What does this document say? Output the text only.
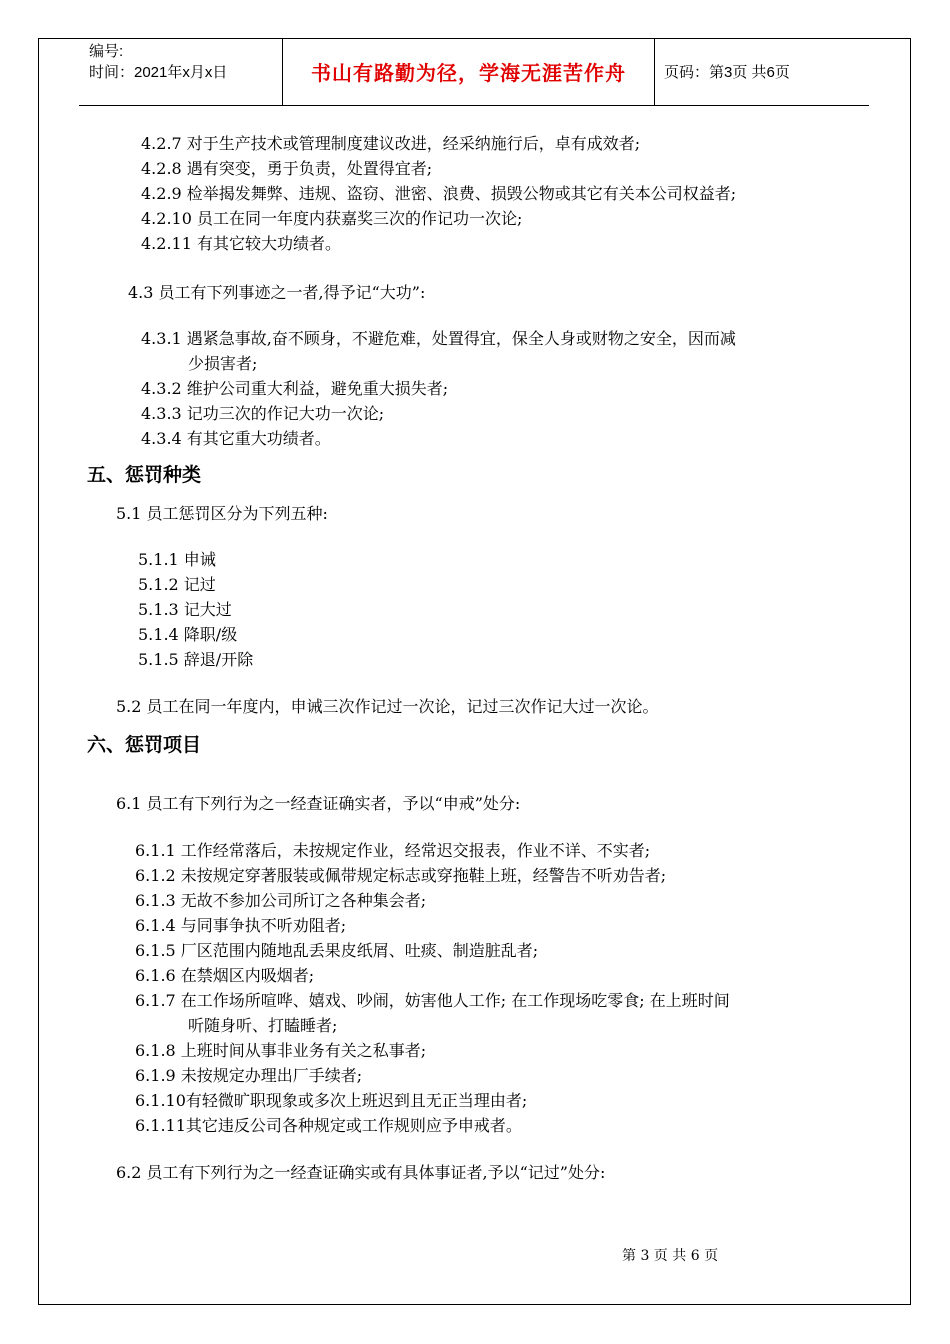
编号:
时间：2021年x月x日	书山有路勤为径，学海无涯苦作舟	页码：第3页 共6页
4.2.7 对于生产技术或管理制度建议改进，经采纳施行后，卓有成效者;
4.2.8 遇有突变，勇于负责，处置得宜者;
4.2.9 检举揭发舞弊、违规、盗窃、泄密、浪费、损毁公物或其它有关本公司权益者;
4.2.10 员工在同一年度内获嘉奖三次的作记功一次论;
4.2.11 有其它较大功绩者。
4.3 员工有下列事迹之一者,得予记“大功”:
4.3.1 遇紧急事故,奋不顾身，不避危难，处置得宜，保全人身或财物之安全，因而减
少损害者;
4.3.2 维护公司重大利益，避免重大损失者;
4.3.3 记功三次的作记大功一次论;
4.3.4 有其它重大功绩者。
五、惩罚种类
5.1 员工惩罚区分为下列五种:
5.1.1 申诫
5.1.2 记过
5.1.3 记大过
5.1.4 降职/级
5.1.5 辞退/开除
5.2 员工在同一年度内，申诫三次作记过一次论，记过三次作记大过一次论。
六、惩罚项目
6.1 员工有下列行为之一经查证确实者，予以“申戒”处分:
6.1.1 工作经常落后，未按规定作业，经常迟交报表，作业不详、不实者;
6.1.2 未按规定穿著服装或佩带规定标志或穿拖鞋上班，经警告不听劝告者;
6.1.3 无故不参加公司所订之各种集会者;
6.1.4 与同事争执不听劝阻者;
6.1.5 厂区范围内随地乱丢果皮纸屑、吐痰、制造脏乱者;
6.1.6 在禁烟区内吸烟者;
6.1.7 在工作场所喧哗、嬉戏、吵闹，妨害他人工作; 在工作现场吃零食; 在上班时间
听随身听、打瞌睡者;
6.1.8 上班时间从事非业务有关之私事者;
6.1.9 未按规定办理出厂手续者;
6.1.10有轻微旷职现象或多次上班迟到且无正当理由者;
6.1.11其它违反公司各种规定或工作规则应予申戒者。
6.2 员工有下列行为之一经查证确实或有具体事证者,予以“记过”处分:
第 3 页 共 6 页
